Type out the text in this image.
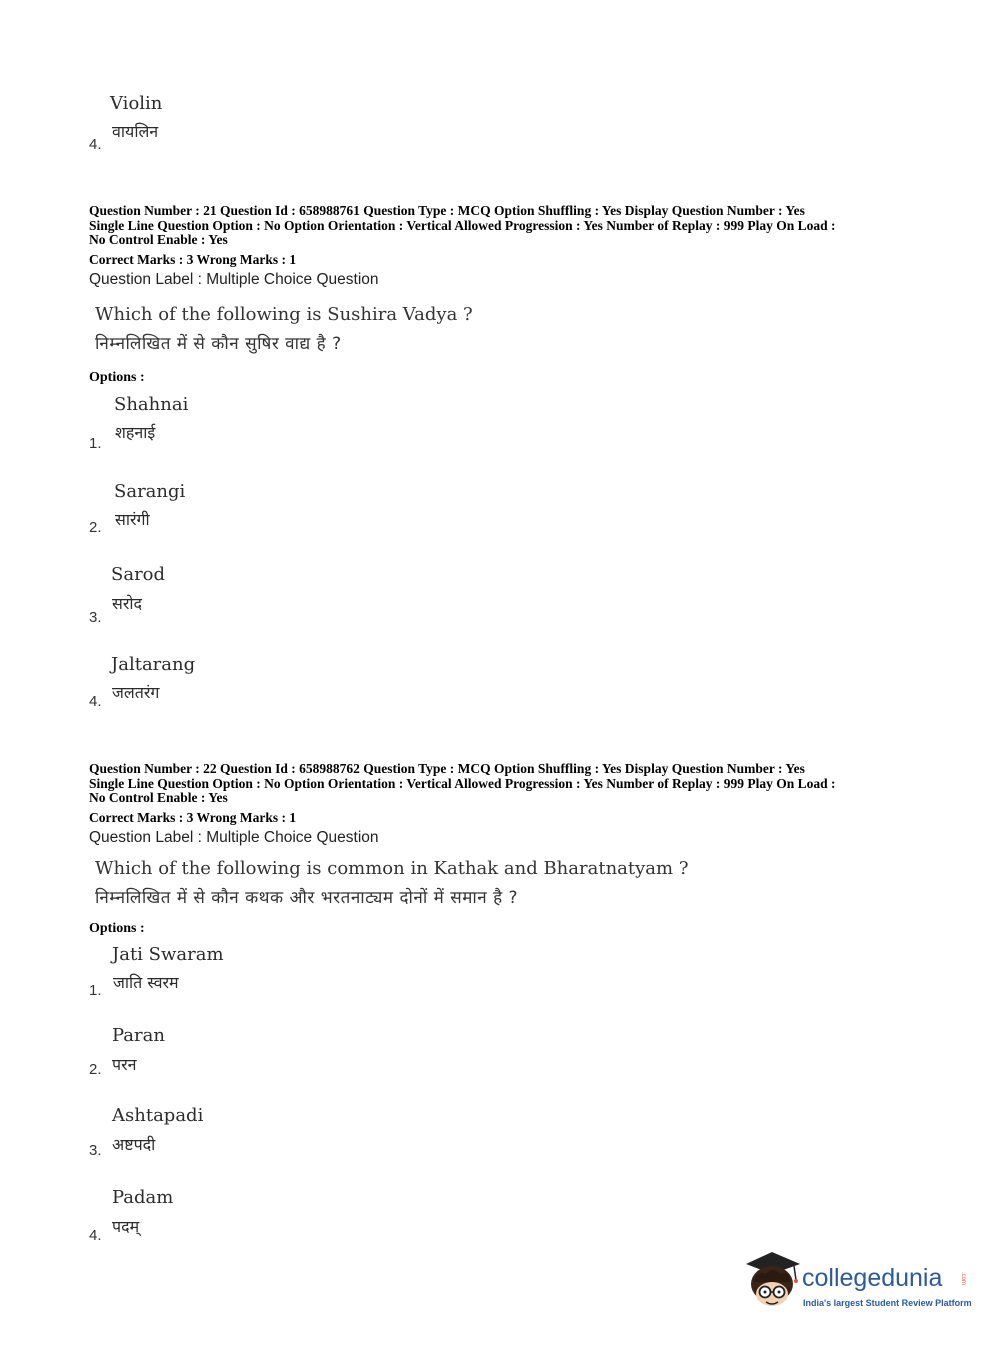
Violin
वायलिन
4.
Question Number : 21 Question Id : 658988761 Question Type : MCQ Option Shuffling : Yes Display Question Number : Yes
Single Line Question Option : No Option Orientation : Vertical Allowed Progression : Yes Number of Replay : 999 Play On Load :
No Control Enable : Yes
Correct Marks : 3 Wrong Marks : 1
Question Label : Multiple Choice Question
Which of the following is Sushira Vadya ?
निम्नलिखित में से कौन सुषिर वाद्य है ?
Options :
Shahnai
शहनाई
1.
Sarangi
सारंगी
2.
Sarod
सरोद
3.
Jaltarang
जलतरंग
4.
Question Number : 22 Question Id : 658988762 Question Type : MCQ Option Shuffling : Yes Display Question Number : Yes
Single Line Question Option : No Option Orientation : Vertical Allowed Progression : Yes Number of Replay : 999 Play On Load :
No Control Enable : Yes
Correct Marks : 3 Wrong Marks : 1
Question Label : Multiple Choice Question
Which of the following is common in Kathak and Bharatnatyam ?
निम्नलिखित में से कौन कथक और भरतनाट्यम दोनों में समान है ?
Options :
Jati Swaram
जाति स्वरम
1.
Paran
परन
2.
Ashtapadi
अष्टपदी
3.
Padam
पदम्
4.
collegedunia	.com
India's largest Student Review Platform
